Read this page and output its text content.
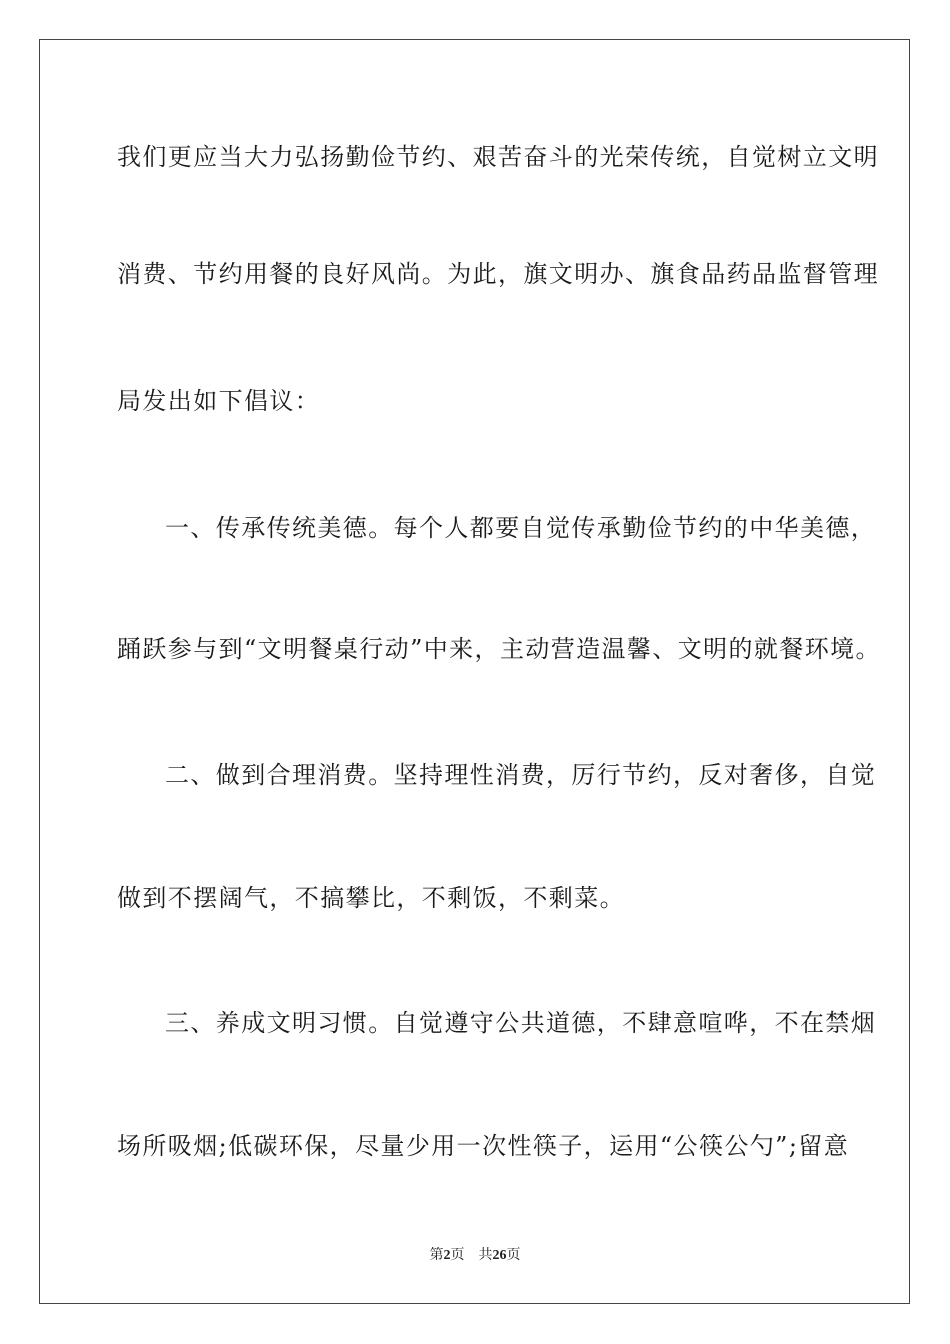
我们更应当大力弘扬勤俭节约、艰苦奋斗的光荣传统，自觉树立文明
消费、节约用餐的良好风尚。为此，旗文明办、旗食品药品监督管理
局发出如下倡议：
一、传承传统美德。每个人都要自觉传承勤俭节约的中华美德，
踊跃参与到“文明餐桌行动”中来，主动营造温馨、文明的就餐环境。
二、做到合理消费。坚持理性消费，厉行节约，反对奢侈，自觉
做到不摆阔气，不搞攀比，不剩饭，不剩菜。
三、养成文明习惯。自觉遵守公共道德，不肆意喧哗，不在禁烟
场所吸烟;低碳环保，尽量少用一次性筷子，运用“公筷公勺”;留意
第2页 共26页
